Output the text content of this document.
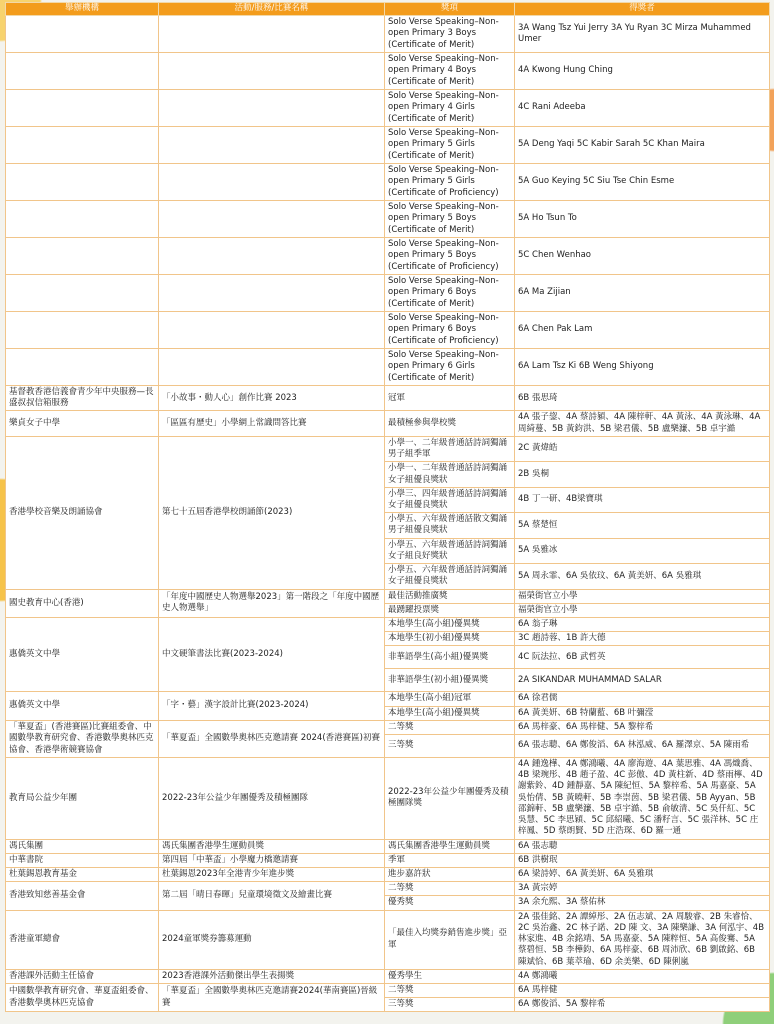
舉辦機構	活動/服務/比賽名稱	獎項	得獎者
		Solo Verse Speaking–Non-open Primary 3 Boys (Certificate of Merit)	3A Wang Tsz Yui Jerry 3A Yu Ryan 3C Mirza Muhammed Umer
		Solo Verse Speaking–Non-open Primary 4 Boys (Certificate of Merit)	4A Kwong Hung Ching
		Solo Verse Speaking–Non-open Primary 4 Girls (Certificate of Merit)	4C Rani Adeeba
		Solo Verse Speaking–Non-open Primary 5 Girls (Certificate of Merit)	5A Deng Yaqi 5C Kabir Sarah 5C Khan Maira
		Solo Verse Speaking–Non-open Primary 5 Girls (Certificate of Proficiency)	5A Guo Keying 5C Siu Tse Chin Esme
		Solo Verse Speaking–Non-open Primary 5 Boys (Certificate of Merit)	5A Ho Tsun To
		Solo Verse Speaking–Non-open Primary 5 Boys (Certificate of Proficiency)	5C Chen Wenhao
		Solo Verse Speaking–Non-open Primary 6 Boys (Certificate of Merit)	6A Ma Zijian
		Solo Verse Speaking–Non-open Primary 6 Boys (Certificate of Proficiency)	6A Chen Pak Lam
		Solo Verse Speaking–Non-open Primary 6 Girls (Certificate of Merit)	6A Lam Tsz Ki 6B Weng Shiyong
基督教香港信義會青少年中央服務—長盛叔叔信箱服務	「小故事・動人心」創作比賽 2023	冠軍	6B 張思琦
樂貞女子中學	「區區有歷史」小學網上常識問答比賽	最積極參與學校獎	4A 張子鋆、4A 蔡詩潁、4A 陳梓軒、4A 黃泳、4A 黃泳琳、4A 周綺蔓、5B 黃鈞洪、5B 梁君儀、5B 盧樂濂、5B 卓宇澔
香港學校音樂及朗誦協會	第七十五屆香港學校朗誦節(2023)	小學一、二年級普通話詩詞獨誦男子組季軍	2C 黃煒皓
		小學一、二年級普通話詩詞獨誦女子組優良獎狀	2B 吳桐
		小學三、四年級普通話詩詞獨誦女子組優良獎狀	4B 丁一研、4B梁寶琪
		小學五、六年級普通話散文獨誦男子組優良獎狀	5A 蔡楚恒
		小學五、六年級普通話詩詞獨誦女子組良好獎狀	5A 吳雅冰
		小學五、六年級普通話詩詞獨誦女子組優良獎狀	5A 周永霏、6A 吳依玟、6A 黃美妍、6A 吳雅琪
國史教育中心(香港)	「年度中國歷史人物選舉2023」第一階段之「年度中國歷史人物選舉」	最佳活動推廣獎	福榮街官立小學
		最踴躍投票獎	福榮街官立小學
惠僑英文中學	中文硬筆書法比賽(2023-2024)	本地學生(高小組)優異獎	6A 翁子琳
		本地學生(初小組)優異獎	3C 趙詩蓉、1B 許大德
		非華語學生(高小組)優異獎	4C 阮法拉、6B 武哲英
		非華語學生(初小組)優異獎	2A SIKANDAR MUHAMMAD SALAR
惠僑英文中學	「字・藝」漢字設計比賽(2023-2024)	本地學生(高小組)冠軍	6A 徐君儒
		本地學生(高小組)優異獎	6A 黃美妍、6B 特蘭藍、6B 叶彌滢
「華夏盃」(香港賽區)比賽組委會、中國數學教育研究會、香港數學奧林匹克協會、香港學術競賽協會	「華夏盃」全國數學奧林匹克邀請賽 2024(香港賽區)初賽	二等獎	6A 馬梓豪、6A 馬梓健、5A 黎梓希
		三等獎	6A 張志聰、6A 鄭俊滔、6A 林泓威、6A 羅澤京、5A 陳雨希
教育局公益少年團	2022-23年公益少年團優秀及積極團隊	2022-23年公益少年團優秀及積極團隊獎	4A 鍾逸樺、4A 鄭鴻曦、4A 廖海遊、4A 葉思雅、4A 馮熾喬、4B 梁琬彤、4B 趙子盈、4C 彭傲、4D 黃柱新、4D 蔡雨檸、4D 謝紫鈴、4D 鍾靜嘉、5A 陳紀恒、5A 黎梓希、5A 馬嘉豪、5A 吳怡倩、5B 黃曉軒、5B 李崇茵、5B 梁君儀、5B Ayyan、5B 邵錦軒、5B 盧樂濂、5B 卓宇澔、5B 俞敏清、5C 吳仟紅、5C 吳慧、5C 李思穎、5C 邱紹曦、5C 潘籽言、5C 張洋林、5C 庄梓鳳、5D 蔡朗賢、5D 庄浩琛、6D 羅一通
馮氏集團	馮氏集團香港學生運動員獎	馮氏集團香港學生運動員獎	6A 張志聰
中華書院	第四屆「中華盃」小學魔力橋邀請賽	季軍	6B 洪樹珉
杜葉錫恩教育基金	杜葉錫恩2023年全港青少年進步獎	進步嘉許狀	6A 梁詩婷、6A 黃美妍、6A 吳雅琪
香港致知慈善基金會	第二屆「晴日春暉」兒童環境徵文及繪畫比賽	二等獎	3A 黃宗婷
		優秀獎	3A 余允熙、3A 蔡佑林
香港童軍總會	2024童軍獎券籌募運動	「最佳入均獎券銷售進步獎」亞軍	2A 張佳銘、2A 譚綽彤、2A 伍志斌、2A 周駿睿、2B 朱睿恰、2C 吳治鑫、2C 林子諾、2D 陳 文、3A 陳樂謙、3A 何泓宇、4B 林家進、4B 余銘靖、5A 馬嘉豪、5A 陳粹恒、5A 高俊騫、5A 蔡碧恒、5B 李樺鈞、6A 馬梓豪、6B 周沛欣、6B 劉啟銘、6B 陳斌恰、6B 葉萃瑜、6D 余美樂、6D 陳俐嵐
香港課外活動主任協會	2023香港課外活動傑出學生表揚獎	優秀學生	4A 鄭鴻曦
中國數學教育研究會、華夏盃組委會、香港數學奧林匹克協會	「華夏盃」全國數學奧林匹克邀請賽2024(華南賽區)晉級賽	二等獎	6A 馬梓健
		三等獎	6A 鄭俊滔、5A 黎梓希
